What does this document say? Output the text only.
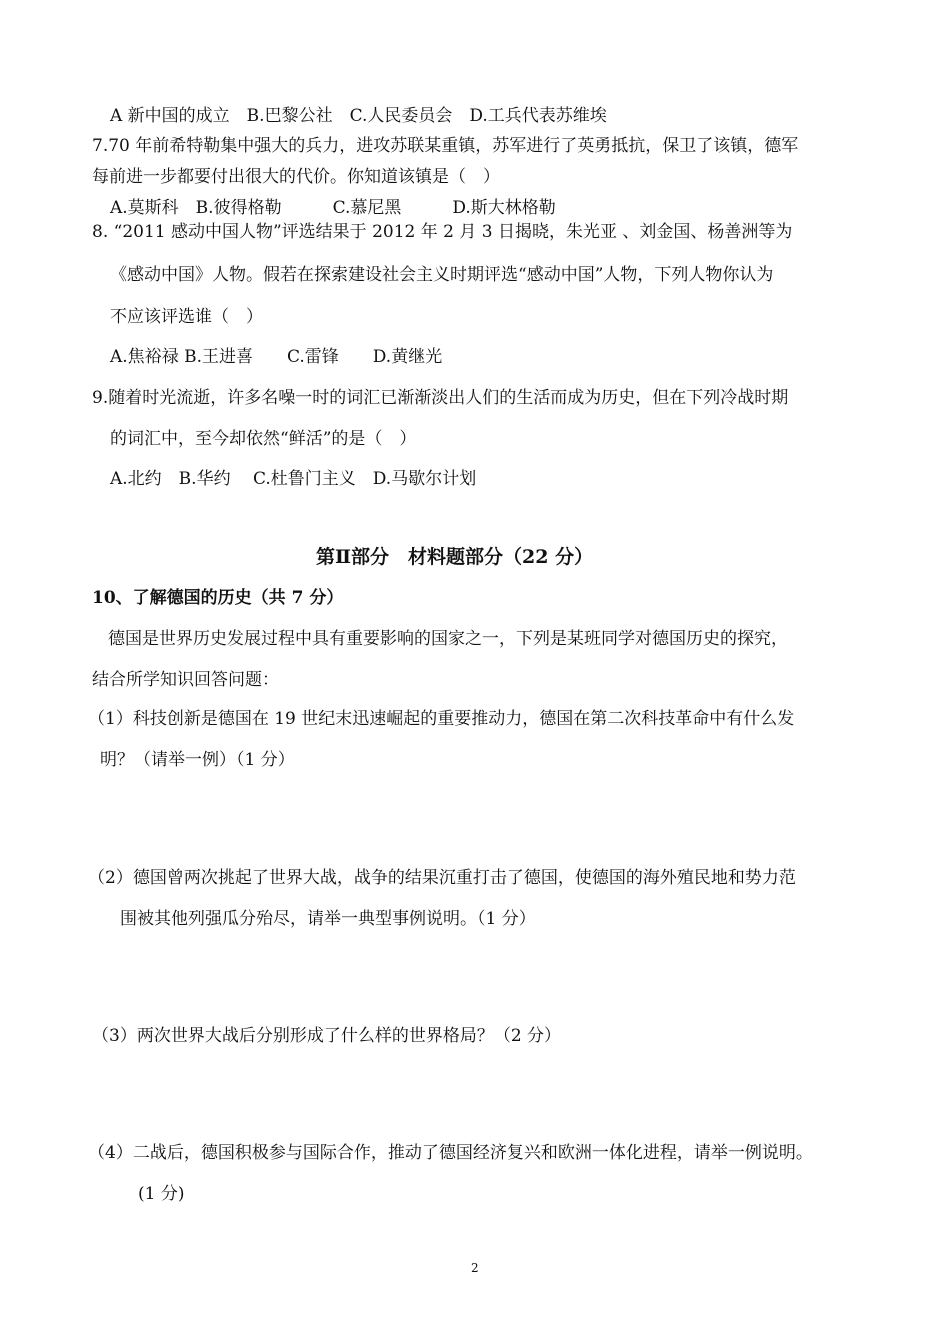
A 新中国的成立　B.巴黎公社　C.人民委员会　D.工兵代表苏维埃
7.70 年前希特勒集中强大的兵力，进攻苏联某重镇，苏军进行了英勇抵抗，保卫了该镇，德军
每前进一步都要付出很大的代价。你知道该镇是（　）
A.莫斯科　B.彼得格勒　　　C.慕尼黑　　　D.斯大林格勒
8. “2011 感动中国人物”评选结果于 2012 年 2 月 3 日揭晓，朱光亚 、刘金国、杨善洲等为
《感动中国》人物。假若在探索建设社会主义时期评选“感动中国”人物，下列人物你认为
不应该评选谁（　）
A.焦裕禄 B.王进喜　　C.雷锋　　D.黄继光
9.随着时光流逝，许多名噪一时的词汇已渐渐淡出人们的生活而成为历史，但在下列冷战时期
的词汇中，至今却依然“鲜活”的是（　）
A.北约　B.华约　 C.杜鲁门主义　D.马歇尔计划
第Ⅱ部分　材料题部分（22 分）
10、了解德国的历史（共 7 分）
德国是世界历史发展过程中具有重要影响的国家之一，下列是某班同学对德国历史的探究，
结合所学知识回答问题：
（1）科技创新是德国在 19 世纪末迅速崛起的重要推动力，德国在第二次科技革命中有什么发
明？（请举一例）（1 分）
（2）德国曾两次挑起了世界大战，战争的结果沉重打击了德国，使德国的海外殖民地和势力范
围被其他列强瓜分殆尽，请举一典型事例说明。（1 分）
（3）两次世界大战后分别形成了什么样的世界格局？（2 分）
（4）二战后，德国积极参与国际合作，推动了德国经济复兴和欧洲一体化进程，请举一例说明。
(1 分)
2
